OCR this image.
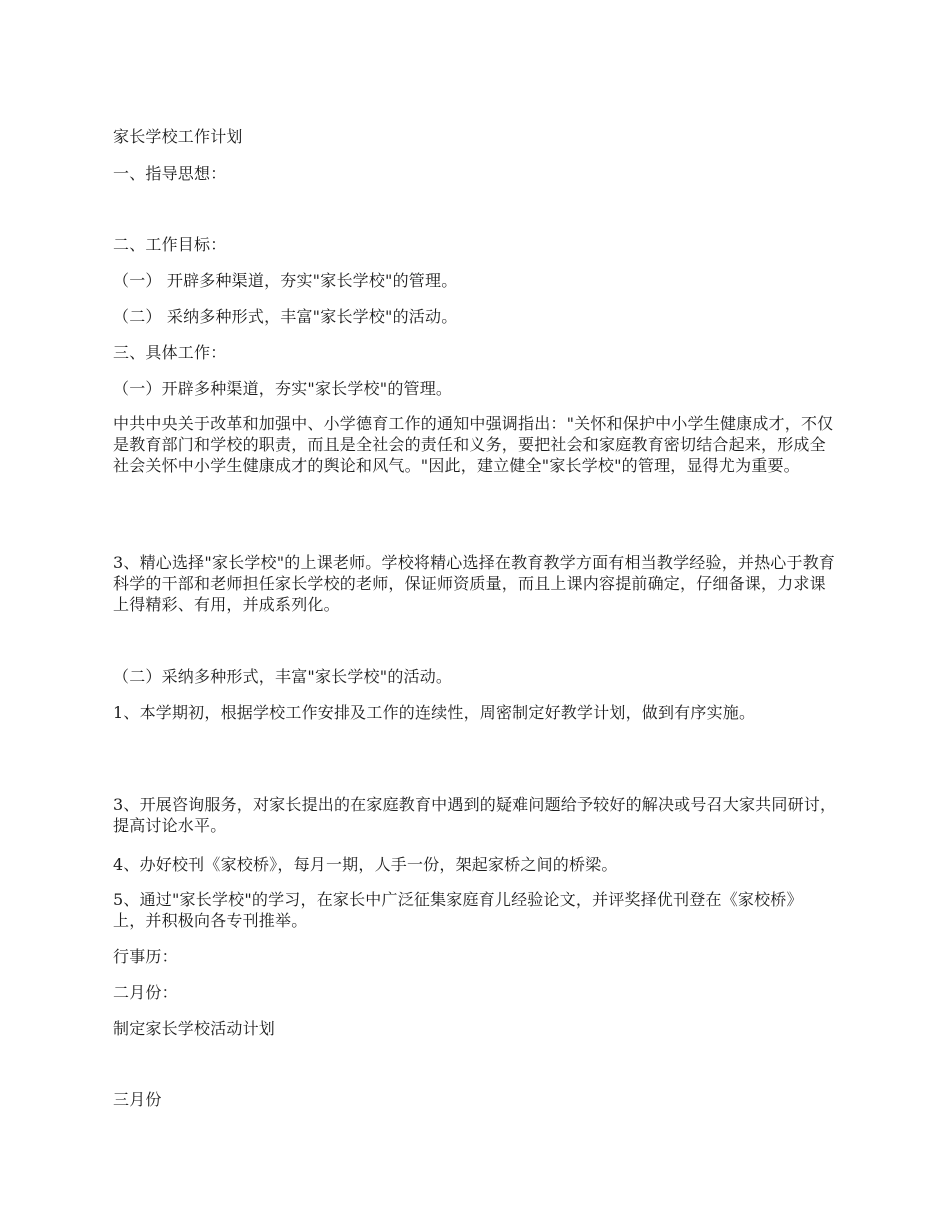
家长学校工作计划

一、指导思想：

二、工作目标：

（一） 开辟多种渠道，夯实"家长学校"的管理。

（二） 采纳多种形式，丰富"家长学校"的活动。

三、具体工作：

（一）开辟多种渠道，夯实"家长学校"的管理。

中共中央关于改革和加强中、小学德育工作的通知中强调指出："关怀和保护中小学生健康成才，不仅是教育部门和学校的职责，而且是全社会的责任和义务，要把社会和家庭教育密切结合起来，形成全社会关怀中小学生健康成才的舆论和风气。"因此，建立健全"家长学校"的管理，显得尤为重要。

3、精心选择"家长学校"的上课老师。学校将精心选择在教育教学方面有相当教学经验，并热心于教育科学的干部和老师担任家长学校的老师，保证师资质量，而且上课内容提前确定，仔细备课，力求课上得精彩、有用，并成系列化。

（二）采纳多种形式，丰富"家长学校"的活动。

1、本学期初，根据学校工作安排及工作的连续性，周密制定好教学计划，做到有序实施。

3、开展咨询服务，对家长提出的在家庭教育中遇到的疑难问题给予较好的解决或号召大家共同研讨，提高讨论水平。

4、办好校刊《家校桥》，每月一期，人手一份，架起家桥之间的桥梁。

5、通过"家长学校"的学习，在家长中广泛征集家庭育儿经验论文，并评奖择优刊登在《家校桥》上，并积极向各专刊推举。

行事历：

二月份：

制定家长学校活动计划

三月份
